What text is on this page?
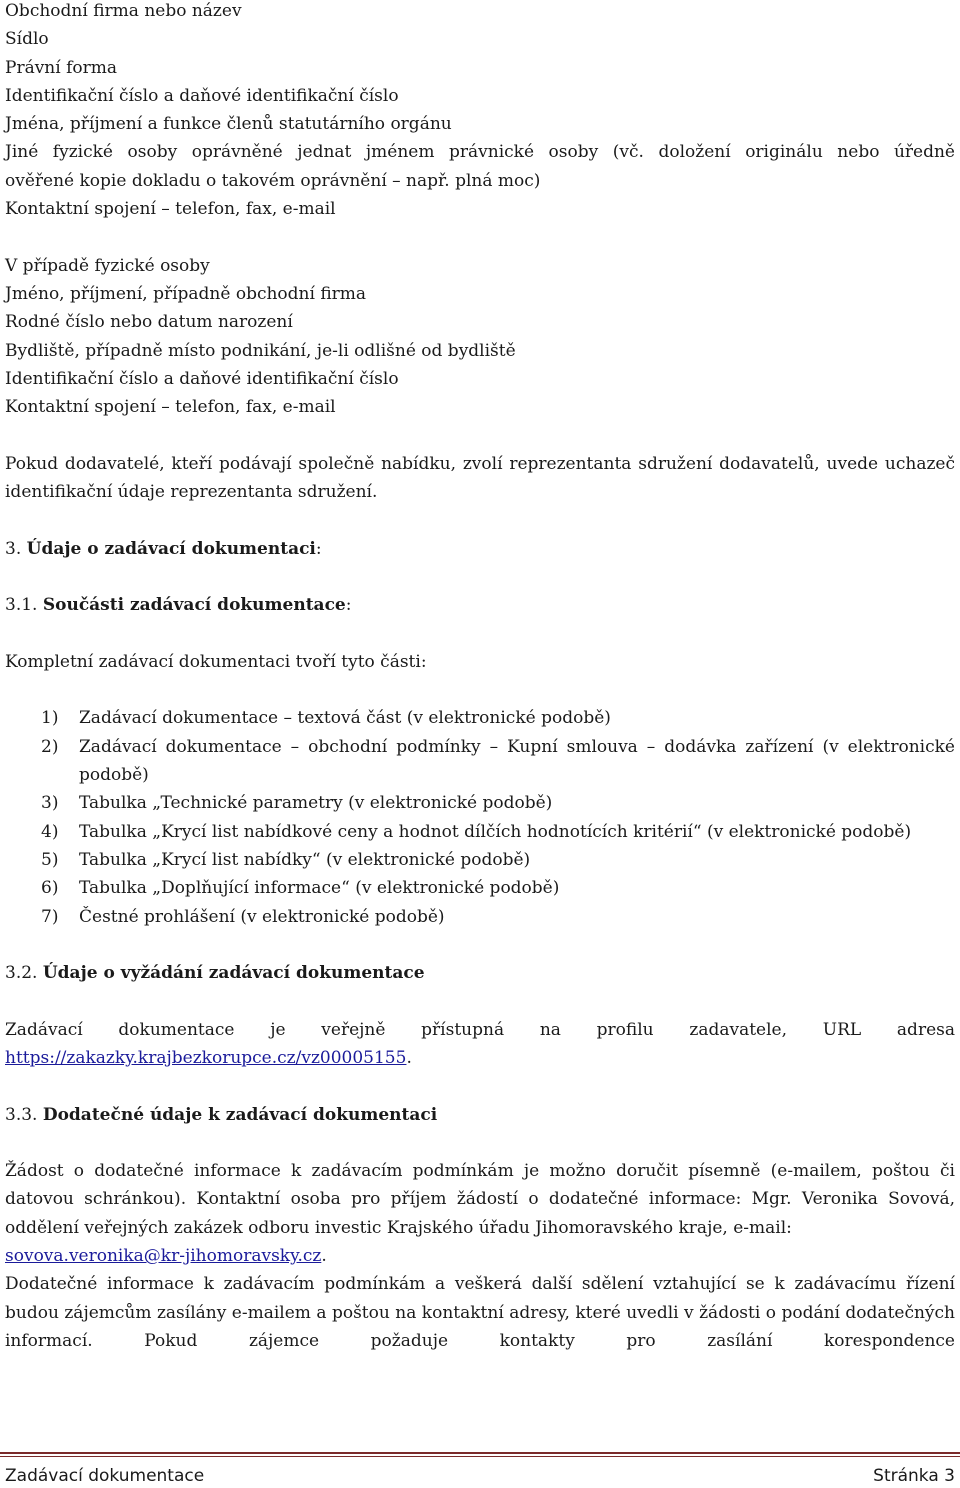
Obchodní firma nebo název
Sídlo
Právní forma
Identifikační číslo a daňové identifikační číslo
Jména, příjmení a funkce členů statutárního orgánu
Jiné fyzické osoby oprávněné jednat jménem právnické osoby (vč. doložení originálu nebo úředně
ověřené kopie dokladu o takovém oprávnění – např. plná moc)
Kontaktní spojení – telefon, fax, e-mail
V případě fyzické osoby
Jméno, příjmení, případně obchodní firma
Rodné číslo nebo datum narození
Bydliště, případně místo podnikání, je-li odlišné od bydliště
Identifikační číslo a daňové identifikační číslo
Kontaktní spojení – telefon, fax, e-mail
Pokud dodavatelé, kteří podávají společně nabídku, zvolí reprezentanta sdružení dodavatelů, uvede uchazeč identifikační údaje reprezentanta sdružení.
3. Údaje o zadávací dokumentaci:
3.1. Součásti zadávací dokumentace:
Kompletní zadávací dokumentaci tvoří tyto části:
1)	Zadávací dokumentace – textová část (v elektronické podobě)
2)	Zadávací dokumentace – obchodní podmínky – Kupní smlouva – dodávka zařízení (v elektronické podobě)
3)	Tabulka „Technické parametry (v elektronické podobě)
4)	Tabulka „Krycí list nabídkové ceny a hodnot dílčích hodnotících kritérií“ (v elektronické podobě)
5)	Tabulka „Krycí list nabídky“ (v elektronické podobě)
6)	Tabulka „Doplňující informace“ (v elektronické podobě)
7)	Čestné prohlášení (v elektronické podobě)
3.2. Údaje o vyžádání zadávací dokumentace
Zadávací dokumentace je veřejně přístupná na profilu zadavatele, URL adresa
https://zakazky.krajbezkorupce.cz/vz00005155.
3.3. Dodatečné údaje k zadávací dokumentaci
Žádost o dodatečné informace k zadávacím podmínkám je možno doručit písemně (e-mailem, poštou či datovou schránkou). Kontaktní osoba pro příjem žádostí o dodatečné informace: Mgr. Veronika Sovová, oddělení veřejných zakázek odboru investic Krajského úřadu Jihomoravského kraje, e-mail:
sovova.veronika@kr-jihomoravsky.cz.
Dodatečné informace k zadávacím podmínkám a veškerá další sdělení vztahující se k zadávacímu řízení budou zájemcům zasílány e-mailem a poštou na kontaktní adresy, které uvedli v žádosti o podání dodatečných informací. Pokud zájemce požaduje kontakty pro zasílání korespondence
Zadávací dokumentace	Stránka 3
